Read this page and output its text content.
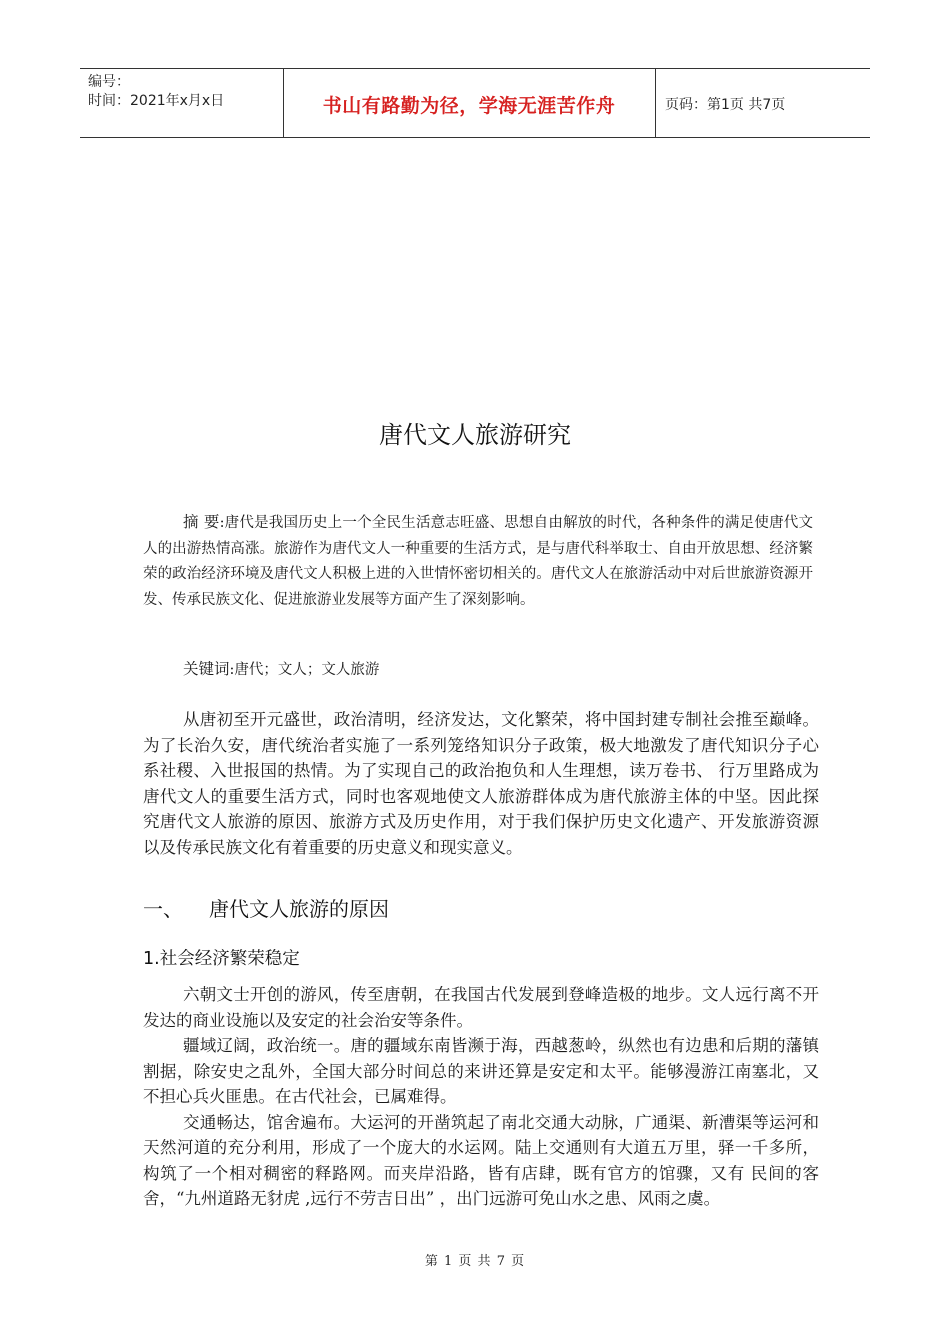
编号：
时间：2021年x月x日	书山有路勤为径，学海无涯苦作舟	页码：第1页 共7页
唐代文人旅游研究
摘 要:唐代是我国历史上一个全民生活意志旺盛、思想自由解放的时代，各种条件的满足使唐代文人的出游热情高涨。旅游作为唐代文人一种重要的生活方式，是与唐代科举取士、自由开放思想、经济繁荣的政治经济环境及唐代文人积极上进的入世情怀密切相关的。唐代文人在旅游活动中对后世旅游资源开发、传承民族文化、促进旅游业发展等方面产生了深刻影响。
关键词:唐代；文人；文人旅游
从唐初至开元盛世，政治清明，经济发达，文化繁荣，将中国封建专制社会推至巅峰。为了长治久安，唐代统治者实施了一系列笼络知识分子政策，极大地激发了唐代知识分子心系社稷、入世报国的热情。为了实现自己的政治抱负和人生理想，读万卷书、 行万里路成为唐代文人的重要生活方式，同时也客观地使文人旅游群体成为唐代旅游主体的中坚。因此探究唐代文人旅游的原因、旅游方式及历史作用，对于我们保护历史文化遗产、开发旅游资源以及传承民族文化有着重要的历史意义和现实意义。
一、 唐代文人旅游的原因
1.社会经济繁荣稳定

六朝文士开创的游风，传至唐朝，在我国古代发展到登峰造极的地步。文人远行离不开发达的商业设施以及安定的社会治安等条件。

疆域辽阔，政治统一。唐的疆域东南皆濒于海，西越葱岭，纵然也有边患和后期的藩镇割据，除安史之乱外，全国大部分时间总的来讲还算是安定和太平。能够漫游江南塞北，又不担心兵火匪患。在古代社会，已属难得。

交通畅达，馆舍遍布。大运河的开凿筑起了南北交通大动脉，广通渠、新漕渠等运河和天然河道的充分利用，形成了一个庞大的水运网。陆上交通则有大道五万里，驿一千多所，构筑了一个相对稠密的释路网。而夹岸沿路，皆有店肆，既有官方的馆骤，又有 民间的客舍，“九州道路无豺虎 ,远行不劳吉日出” ，出门远游可免山水之患、风雨之虞。

第 1 页 共 7 页
